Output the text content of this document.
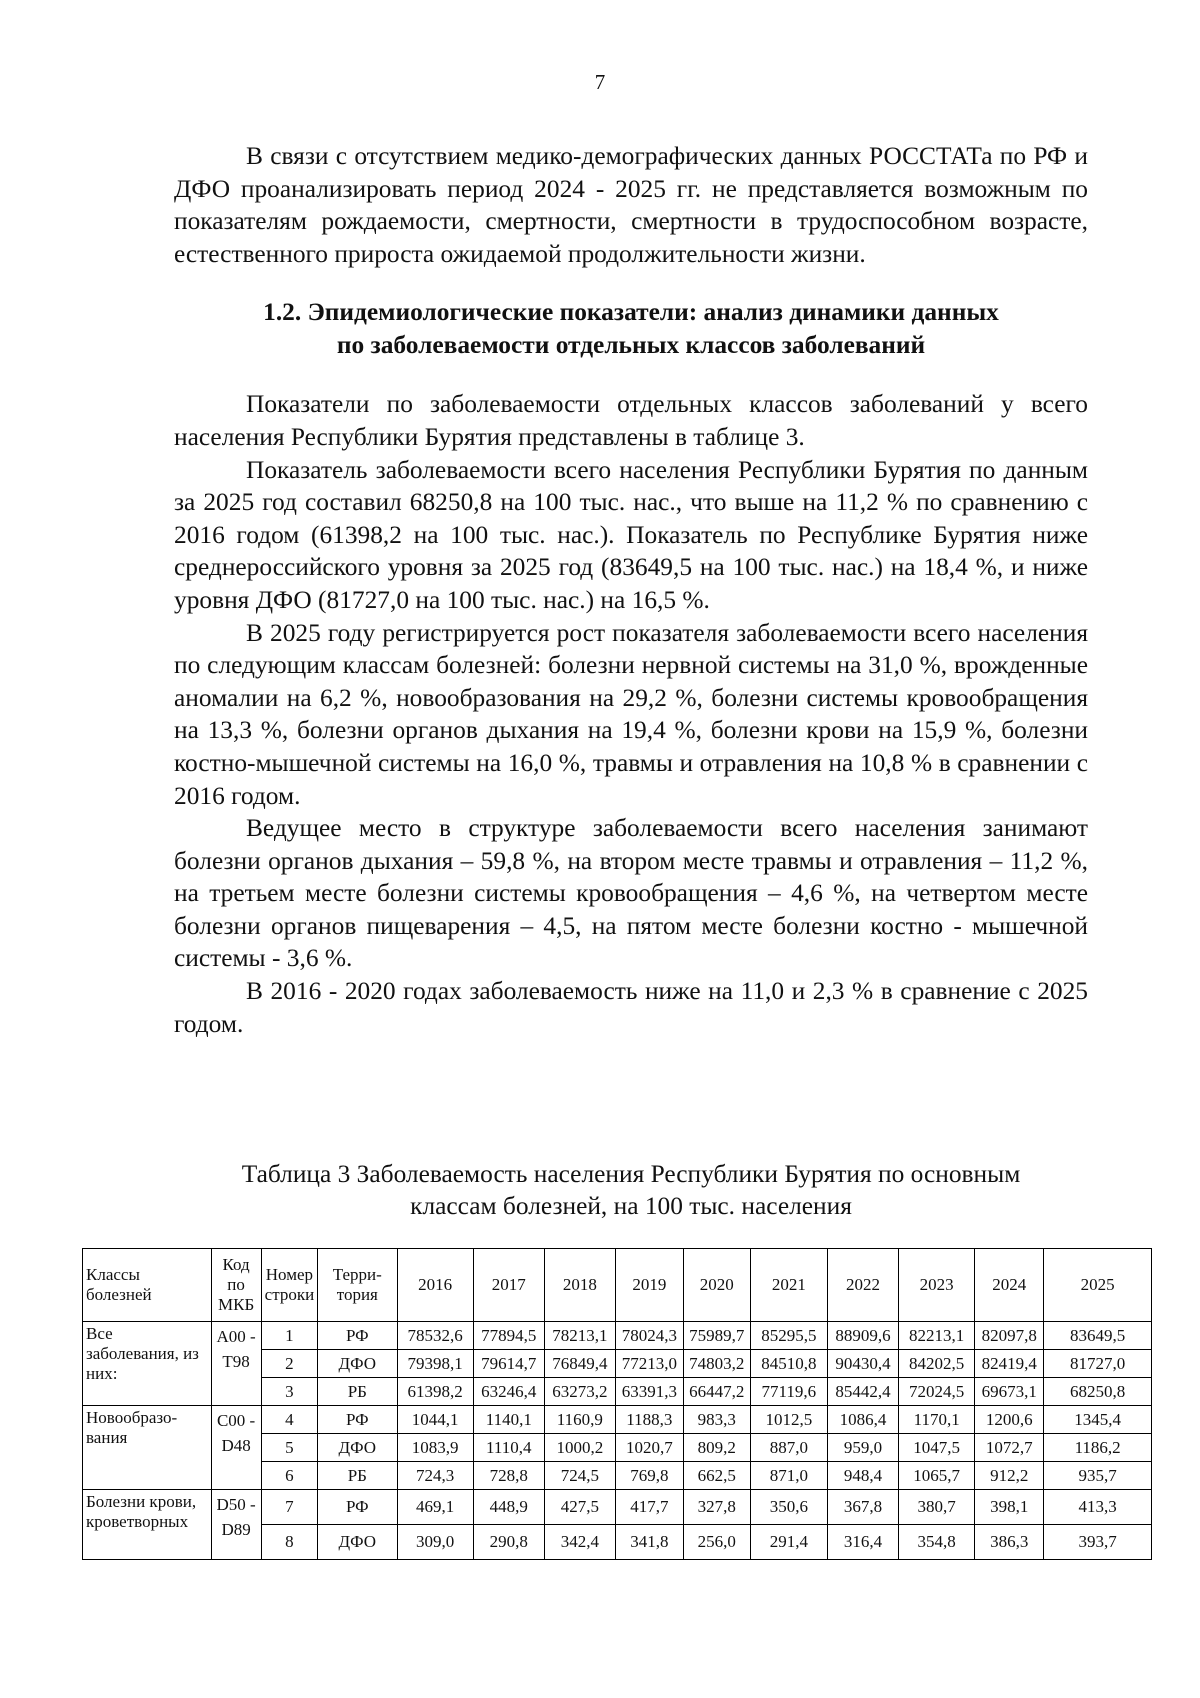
7

В связи с отсутствием медико-демографических данных РОССТАТа по РФ и ДФО проанализировать период 2024 - 2025 гг. не представляется возможным по показателям рождаемости, смертности, смертности в трудоспособном возрасте, естественного прироста ожидаемой продолжительности жизни.

1.2. Эпидемиологические показатели: анализ динамики данных
по заболеваемости отдельных классов заболеваний

Показатели по заболеваемости отдельных классов заболеваний у всего населения Республики Бурятия представлены в таблице 3.

Показатель заболеваемости всего населения Республики Бурятия по данным за 2025 год составил 68250,8 на 100 тыс. нас., что выше на 11,2 % по сравнению с 2016 годом (61398,2 на 100 тыс. нас.). Показатель по Республике Бурятия ниже среднероссийского уровня за 2025 год (83649,5 на 100 тыс. нас.) на 18,4 %, и ниже уровня ДФО (81727,0 на 100 тыс. нас.) на 16,5 %.

В 2025 году регистрируется рост показателя заболеваемости всего населения по следующим классам болезней: болезни нервной системы на 31,0 %, врожденные аномалии на 6,2 %, новообразования на 29,2 %, болезни системы кровообращения на 13,3 %, болезни органов дыхания на 19,4 %, болезни крови на 15,9 %, болезни костно-мышечной системы на 16,0 %, травмы и отравления на 10,8 % в сравнении с 2016 годом.

Ведущее место в структуре заболеваемости всего населения занимают болезни органов дыхания – 59,8 %, на втором месте травмы и отравления – 11,2 %, на третьем месте болезни системы кровообращения – 4,6 %, на четвертом месте болезни органов пищеварения – 4,5, на пятом месте болезни костно - мышечной системы - 3,6 %.

В 2016 - 2020 годах заболеваемость ниже на 11,0 и 2,3 % в сравнение с 2025 годом.

Таблица 3 Заболеваемость населения Республики Бурятия по основным
классам болезней, на 100 тыс. населения
Классы болезней	Код по МКБ	Номер строки	Терри-тория	2016	2017	2018	2019	2020	2021	2022	2023	2024	2025
Все заболевания, из них:	А00 - Т98	1	РФ	78532,6	77894,5	78213,1	78024,3	75989,7	85295,5	88909,6	82213,1	82097,8	83649,5
		2	ДФО	79398,1	79614,7	76849,4	77213,0	74803,2	84510,8	90430,4	84202,5	82419,4	81727,0
		3	РБ	61398,2	63246,4	63273,2	63391,3	66447,2	77119,6	85442,4	72024,5	69673,1	68250,8
Новообразо-вания	С00 - D48	4	РФ	1044,1	1140,1	1160,9	1188,3	983,3	1012,5	1086,4	1170,1	1200,6	1345,4
		5	ДФО	1083,9	1110,4	1000,2	1020,7	809,2	887,0	959,0	1047,5	1072,7	1186,2
		6	РБ	724,3	728,8	724,5	769,8	662,5	871,0	948,4	1065,7	912,2	935,7
Болезни крови, кроветворных	D50 - D89	7	РФ	469,1	448,9	427,5	417,7	327,8	350,6	367,8	380,7	398,1	413,3
		8	ДФО	309,0	290,8	342,4	341,8	256,0	291,4	316,4	354,8	386,3	393,7
